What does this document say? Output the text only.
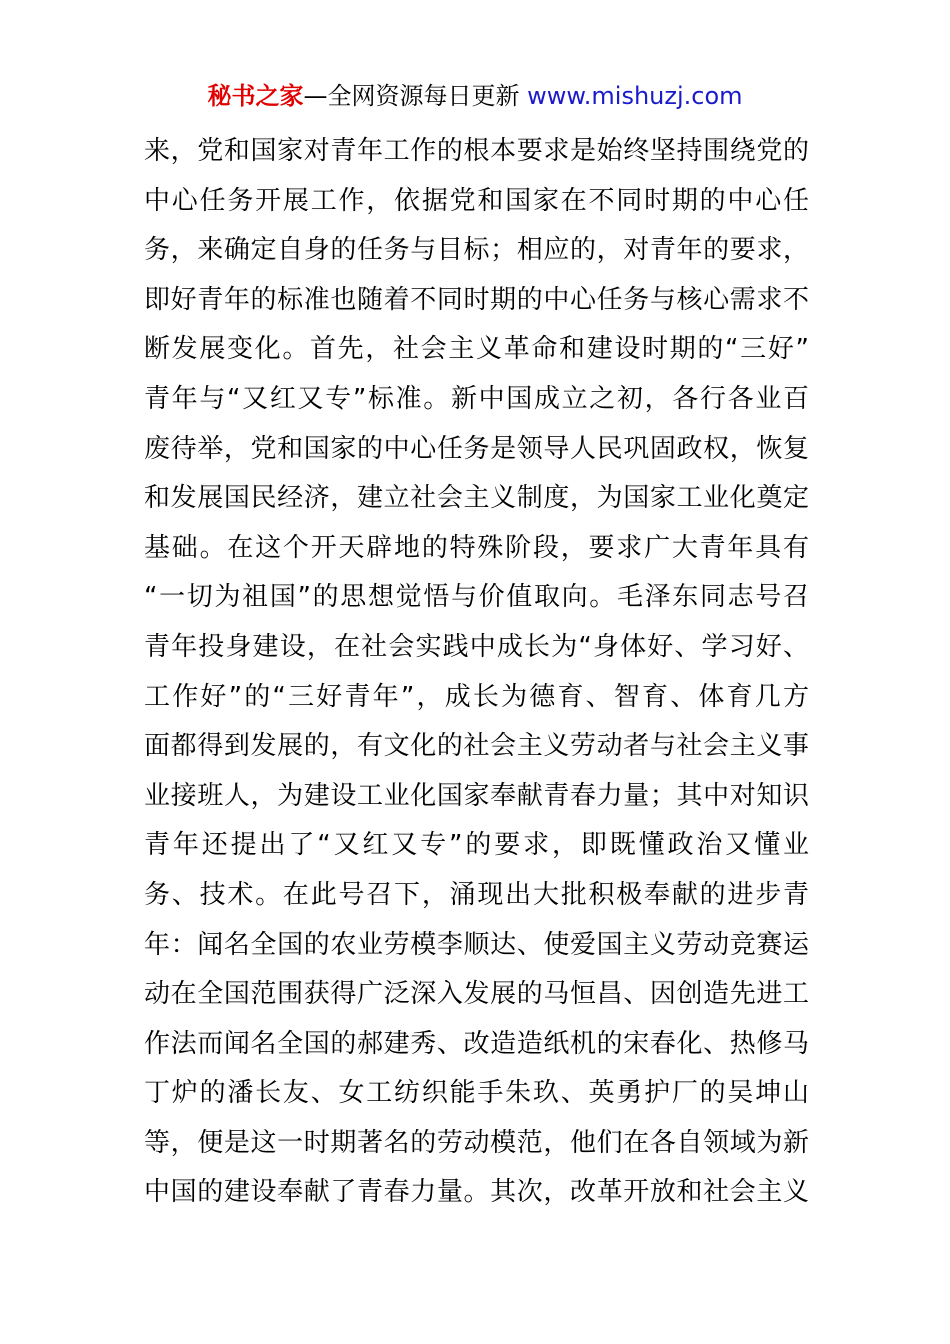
秘书之家—全网资源每日更新 www.mishuzj.com
来，党和国家对青年工作的根本要求是始终坚持围绕党的
中心任务开展工作，依据党和国家在不同时期的中心任
务，来确定自身的任务与目标；相应的，对青年的要求，
即好青年的标准也随着不同时期的中心任务与核心需求不
断发展变化。首先，社会主义革命和建设时期的“三好”
青年与“又红又专”标准。新中国成立之初，各行各业百
废待举，党和国家的中心任务是领导人民巩固政权，恢复
和发展国民经济，建立社会主义制度，为国家工业化奠定
基础。在这个开天辟地的特殊阶段，要求广大青年具有
“一切为祖国”的思想觉悟与价值取向。毛泽东同志号召
青年投身建设，在社会实践中成长为“身体好、学习好、
工作好”的“三好青年”，成长为德育、智育、体育几方
面都得到发展的，有文化的社会主义劳动者与社会主义事
业接班人，为建设工业化国家奉献青春力量；其中对知识
青年还提出了“又红又专”的要求，即既懂政治又懂业
务、技术。在此号召下，涌现出大批积极奉献的进步青
年：闻名全国的农业劳模李顺达、使爱国主义劳动竞赛运
动在全国范围获得广泛深入发展的马恒昌、因创造先进工
作法而闻名全国的郝建秀、改造造纸机的宋春化、热修马
丁炉的潘长友、女工纺织能手朱玖、英勇护厂的吴坤山
等，便是这一时期著名的劳动模范，他们在各自领域为新
中国的建设奉献了青春力量。其次，改革开放和社会主义
